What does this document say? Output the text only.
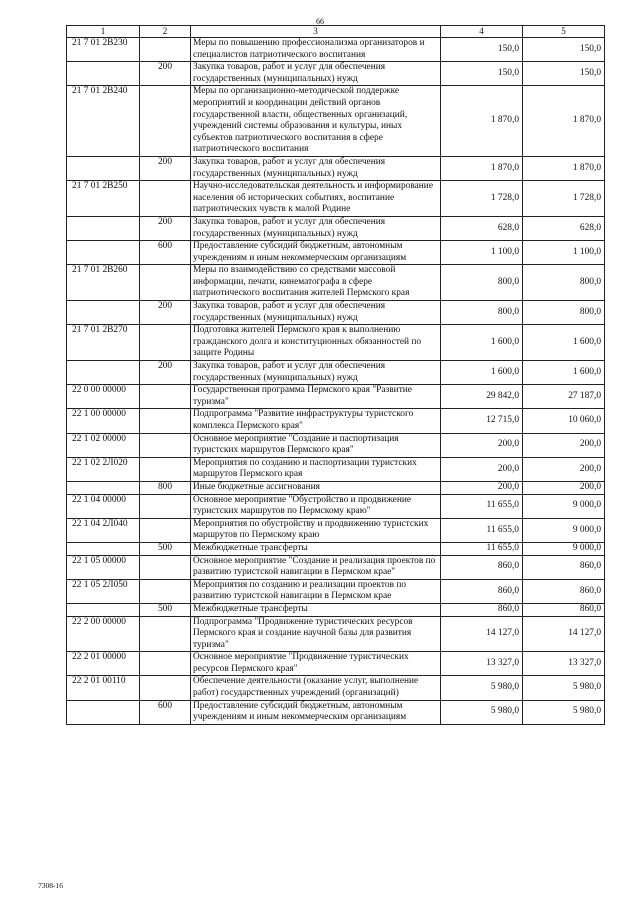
66
1	2	3	4	5
21 7 01 2В230		Меры по повышению профессионализма организаторов и специалистов патриотического воспитания	150,0	150,0
	200	Закупка товаров, работ и услуг для обеспечения государственных (муниципальных) нужд	150,0	150,0
21 7 01 2В240		Меры по организационно-методической поддержке мероприятий и координации действий органов государственной власти, общественных организаций, учреждений системы образования и культуры, иных субъектов патриотического воспитания в сфере патриотического воспитания	1 870,0	1 870,0
	200	Закупка товаров, работ и услуг для обеспечения государственных (муниципальных) нужд	1 870,0	1 870,0
21 7 01 2В250		Научно-исследовательская деятельность и информирование населения об исторических событиях, воспитание патриотических чувств к малой Родине	1 728,0	1 728,0
	200	Закупка товаров, работ и услуг для обеспечения государственных (муниципальных) нужд	628,0	628,0
	600	Предоставление субсидий бюджетным, автономным учреждениям и иным некоммерческим организациям	1 100,0	1 100,0
21 7 01 2В260		Меры по взаимодействию со средствами массовой информации, печати, кинематографа в сфере патриотического воспитания жителей Пермского края	800,0	800,0
	200	Закупка товаров, работ и услуг для обеспечения государственных (муниципальных) нужд	800,0	800,0
21 7 01 2В270		Подготовка жителей Пермского края к выполнению гражданского долга и конституционных обязанностей по защите Родины	1 600,0	1 600,0
	200	Закупка товаров, работ и услуг для обеспечения государственных (муниципальных) нужд	1 600,0	1 600,0
22 0 00 00000		Государственная программа Пермского края "Развитие туризма"	29 842,0	27 187,0
22 1 00 00000		Подпрограмма "Развитие инфраструктуры туристского комплекса Пермского края"	12 715,0	10 060,0
22 1 02 00000		Основное мероприятие "Создание и паспортизация туристских маршрутов Пермского края"	200,0	200,0
22 1 02 2Л020		Мероприятия по созданию и паспортизации туристских маршрутов Пермского края	200,0	200,0
	800	Иные бюджетные ассигнования	200,0	200,0
22 1 04 00000		Основное мероприятие "Обустройство и продвижение туристских маршрутов по Пермскому краю"	11 655,0	9 000,0
22 1 04 2Л040		Мероприятия по обустройству и продвижению туристских маршрутов по Пермскому краю	11 655,0	9 000,0
	500	Межбюджетные трансферты	11 655,0	9 000,0
22 1 05 00000		Основное мероприятие "Создание и реализация проектов по развитию туристской навигации в Пермском крае"	860,0	860,0
22 1 05 2Л050		Мероприятия по созданию и реализации проектов по развитию туристской навигации в Пермском крае	860,0	860,0
	500	Межбюджетные трансферты	860,0	860,0
22 2 00 00000		Подпрограмма "Продвижение туристических ресурсов Пермского края и создание научной базы для развития туризма"	14 127,0	14 127,0
22 2 01 00000		Основное мероприятие "Продвижение туристических ресурсов Пермского края"	13 327,0	13 327,0
22 2 01 00110		Обеспечение деятельности (оказание услуг, выполнение работ) государственных учреждений (организаций)	5 980,0	5 980,0
	600	Предоставление субсидий бюджетным, автономным учреждениям и иным некоммерческим организациям	5 980,0	5 980,0
7308-16
